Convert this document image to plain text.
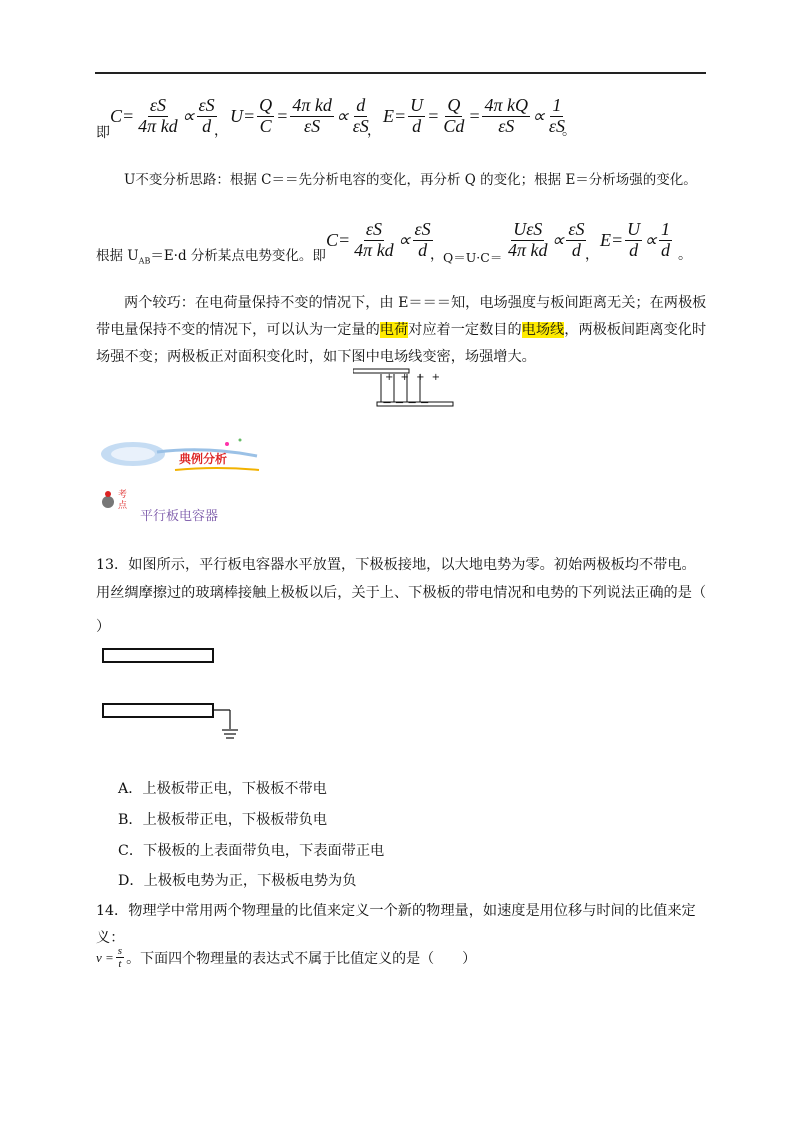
即
$C = \frac{\varepsilon S}{\text{4π kd}} \propto \frac{\varepsilon S}{d}$
，
$U = \frac{Q}{C} = \frac{\text{4π kd}}{\varepsilon S} \propto \frac{d}{\varepsilon S}$
，
$E = \frac{U}{d} = \frac{Q}{Cd} = \frac{\text{4π kQ}}{\varepsilon S} \propto \frac{1}{\varepsilon S}$
。
U不变分析思路：根据 C＝＝先分析电容的变化，再分析 Q 的变化；根据 E＝分析场强的变化。
根据 $U_{AB}=E\cdot d$ 分析某点电势变化。即
$C = \frac{\varepsilon S}{\text{4π kd}} \propto \frac{\varepsilon S}{d}$
， $Q=U\cdot C= \frac{\text{UεS}}{\text{4π kd}} \propto \frac{\varepsilon S}{d}$
，
$E = \frac{U}{d} \propto \frac{1}{d}$ 。
两个较巧：在电荷量保持不变的情况下，由 E＝＝＝知，电场强度与板间距离无关；在两极板带电量保持不变的情况下，可以认为一定量的电荷对应着一定数目的电场线，两极板间距离变化时场强不变；两极板正对面积变化时，如下图中电场线变密，场强增大。
+ + + +
— — — —
典例分析
考点
平行板电容器
13．如图所示，平行板电容器水平放置，下极板接地，以大地电势为零。初始两极板均不带电。用丝绸摩擦过的玻璃棒接触上极板以后，关于上、下极板的带电情况和电势的下列说法正确的是（
）
A．上极板带正电，下极板不带电
B．上极板带正电，下极板带负电
C．下极板的上表面带负电，下表面带正电
D．上极板电势为正，下极板电势为负
14．物理学中常用两个物理量的比值来定义一个新的物理量，如速度是用位移与时间的比值来定义：
$v = \frac{s}{t}$ 。下面四个物理量的表达式不属于比值定义的是（　　）
